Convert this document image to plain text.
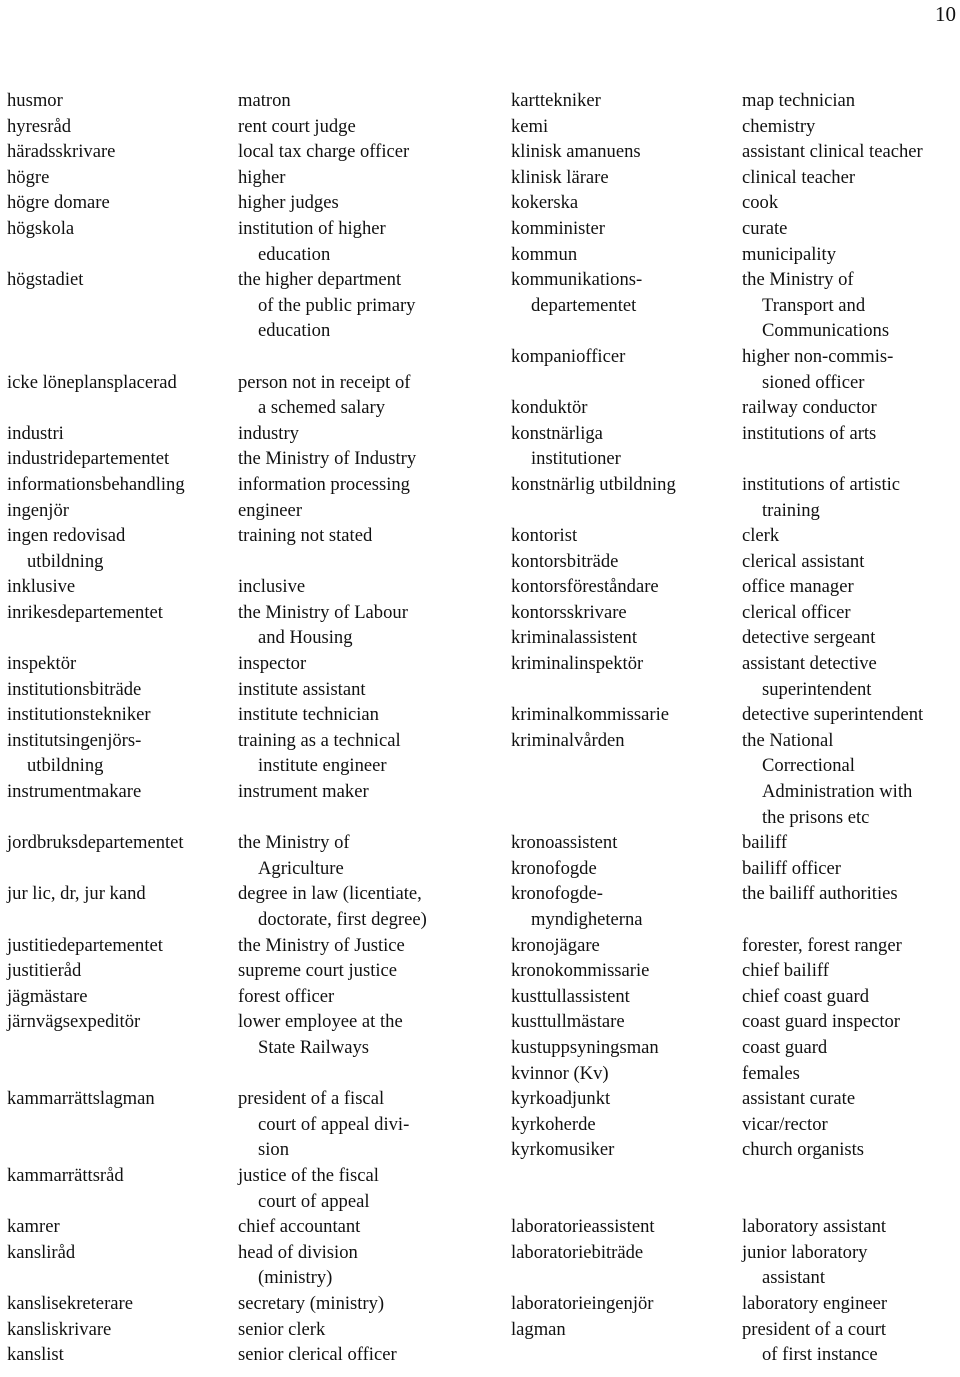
10
husmor
hyresråd
häradsskrivare
högre
högre domare
högskola
högstadiet
icke löneplansplacerad
industri
industridepartementet
informationsbehandling
ingenjör
ingen redovisad
utbildning
inklusive
inrikesdepartementet
inspektör
institutionsbiträde
institutionstekniker
institutsingenjörs-
utbildning
instrumentmakare
jordbruksdepartementet
jur lic, dr, jur kand
justitiedepartementet
justitieråd
jägmästare
järnvägsexpeditör
kammarrättslagman
kammarrättsråd
kamrer
kansliråd
kanslisekreterare
kansliskrivare
kanslist
matron
rent court judge
local tax charge officer
higher
higher judges
institution of higher
education
the higher department
of the public primary
education
person not in receipt of
a schemed salary
industry
the Ministry of Industry
information processing
engineer
training not stated
inclusive
the Ministry of Labour
and Housing
inspector
institute assistant
institute technician
training as a technical
institute engineer
instrument maker
the Ministry of
Agriculture
degree in law (licentiate,
doctorate, first degree)
the Ministry of Justice
supreme court justice
forest officer
lower employee at the
State Railways
president of a fiscal
court of appeal divi-
sion
justice of the fiscal
court of appeal
chief accountant
head of division
(ministry)
secretary (ministry)
senior clerk
senior clerical officer
karttekniker
kemi
klinisk amanuens
klinisk lärare
kokerska
komminister
kommun
kommunikations-
departementet
kompaniofficer
konduktör
konstnärliga
institutioner
konstnärlig utbildning
kontorist
kontorsbiträde
kontorsföreståndare
kontorsskrivare
kriminalassistent
kriminalinspektör
kriminalkommissarie
kriminalvården
kronoassistent
kronofogde
kronofogde-
myndigheterna
kronojägare
kronokommissarie
kusttullassistent
kusttullmästare
kustuppsyningsman
kvinnor (Kv)
kyrkoadjunkt
kyrkoherde
kyrkomusiker
laboratorieassistent
laboratoriebiträde
laboratorieingenjör
lagman
map technician
chemistry
assistant clinical teacher
clinical teacher
cook
curate
municipality
the Ministry of
Transport and
Communications
higher non-commis-
sioned officer
railway conductor
institutions of arts
institutions of artistic
training
clerk
clerical assistant
office manager
clerical officer
detective sergeant
assistant detective
superintendent
detective superintendent
the National
Correctional
Administration with
the prisons etc
bailiff
bailiff officer
the bailiff authorities
forester, forest ranger
chief bailiff
chief coast guard
coast guard inspector
coast guard
females
assistant curate
vicar/rector
church organists
laboratory assistant
junior laboratory
assistant
laboratory engineer
president of a court
of first instance
